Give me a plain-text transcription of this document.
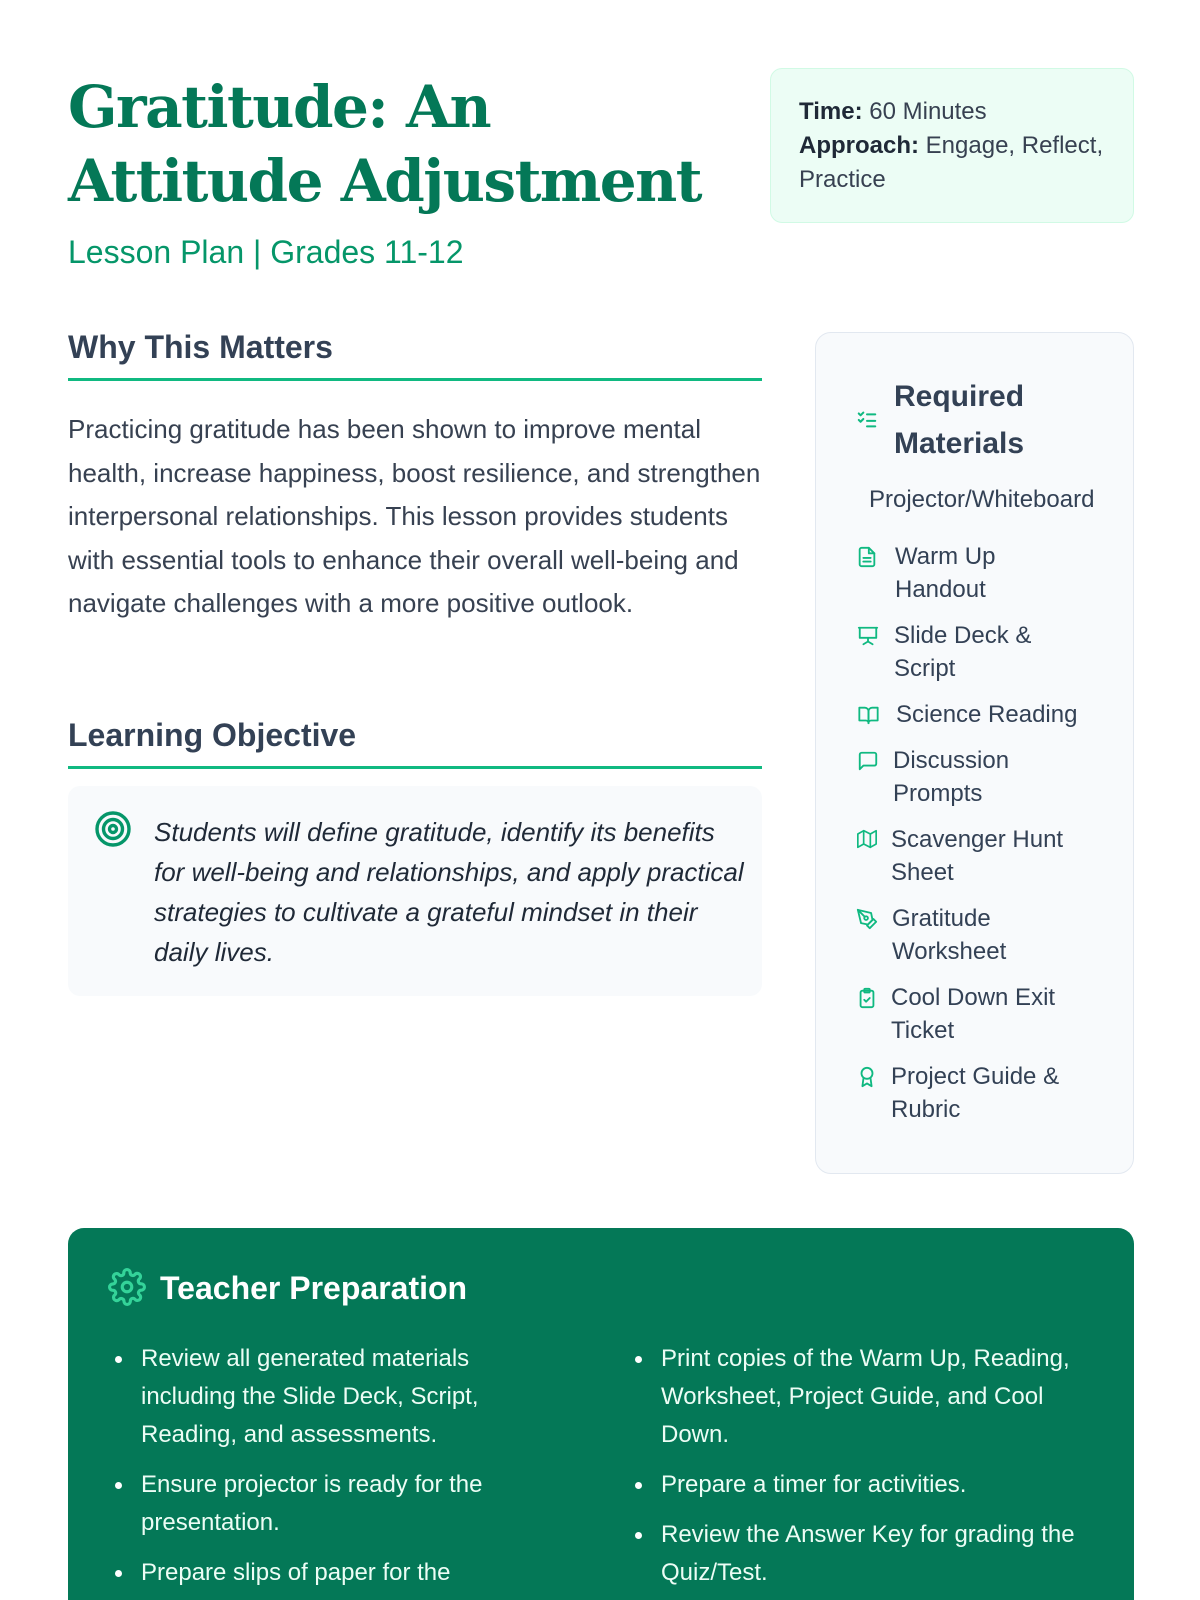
Gratitude: An Attitude Adjustment
Lesson Plan | Grades 11-12
Time: 60 Minutes
Approach: Engage, Reflect, Practice
Why This Matters

Practicing gratitude has been shown to improve mental health, increase happiness, boost resilience, and strengthen interpersonal relationships. This lesson provides students with essential tools to enhance their overall well-being and navigate challenges with a more positive outlook.

Learning Objective

Students will define gratitude, identify its benefits for well-being and relationships, and apply practical strategies to cultivate a grateful mindset in their daily lives.

Required Materials
Projector/Whiteboard
Warm Up Handout
Slide Deck & Script
Science Reading
Discussion Prompts
Scavenger Hunt Sheet
Gratitude Worksheet
Cool Down Exit Ticket
Project Guide & Rubric
Teacher Preparation
Review all generated materials including the Slide Deck, Script, Reading, and assessments.
Ensure projector is ready for the presentation.
Prepare slips of paper for the
Print copies of the Warm Up, Reading, Worksheet, Project Guide, and Cool Down.
Prepare a timer for activities.
Review the Answer Key for grading the Quiz/Test.
